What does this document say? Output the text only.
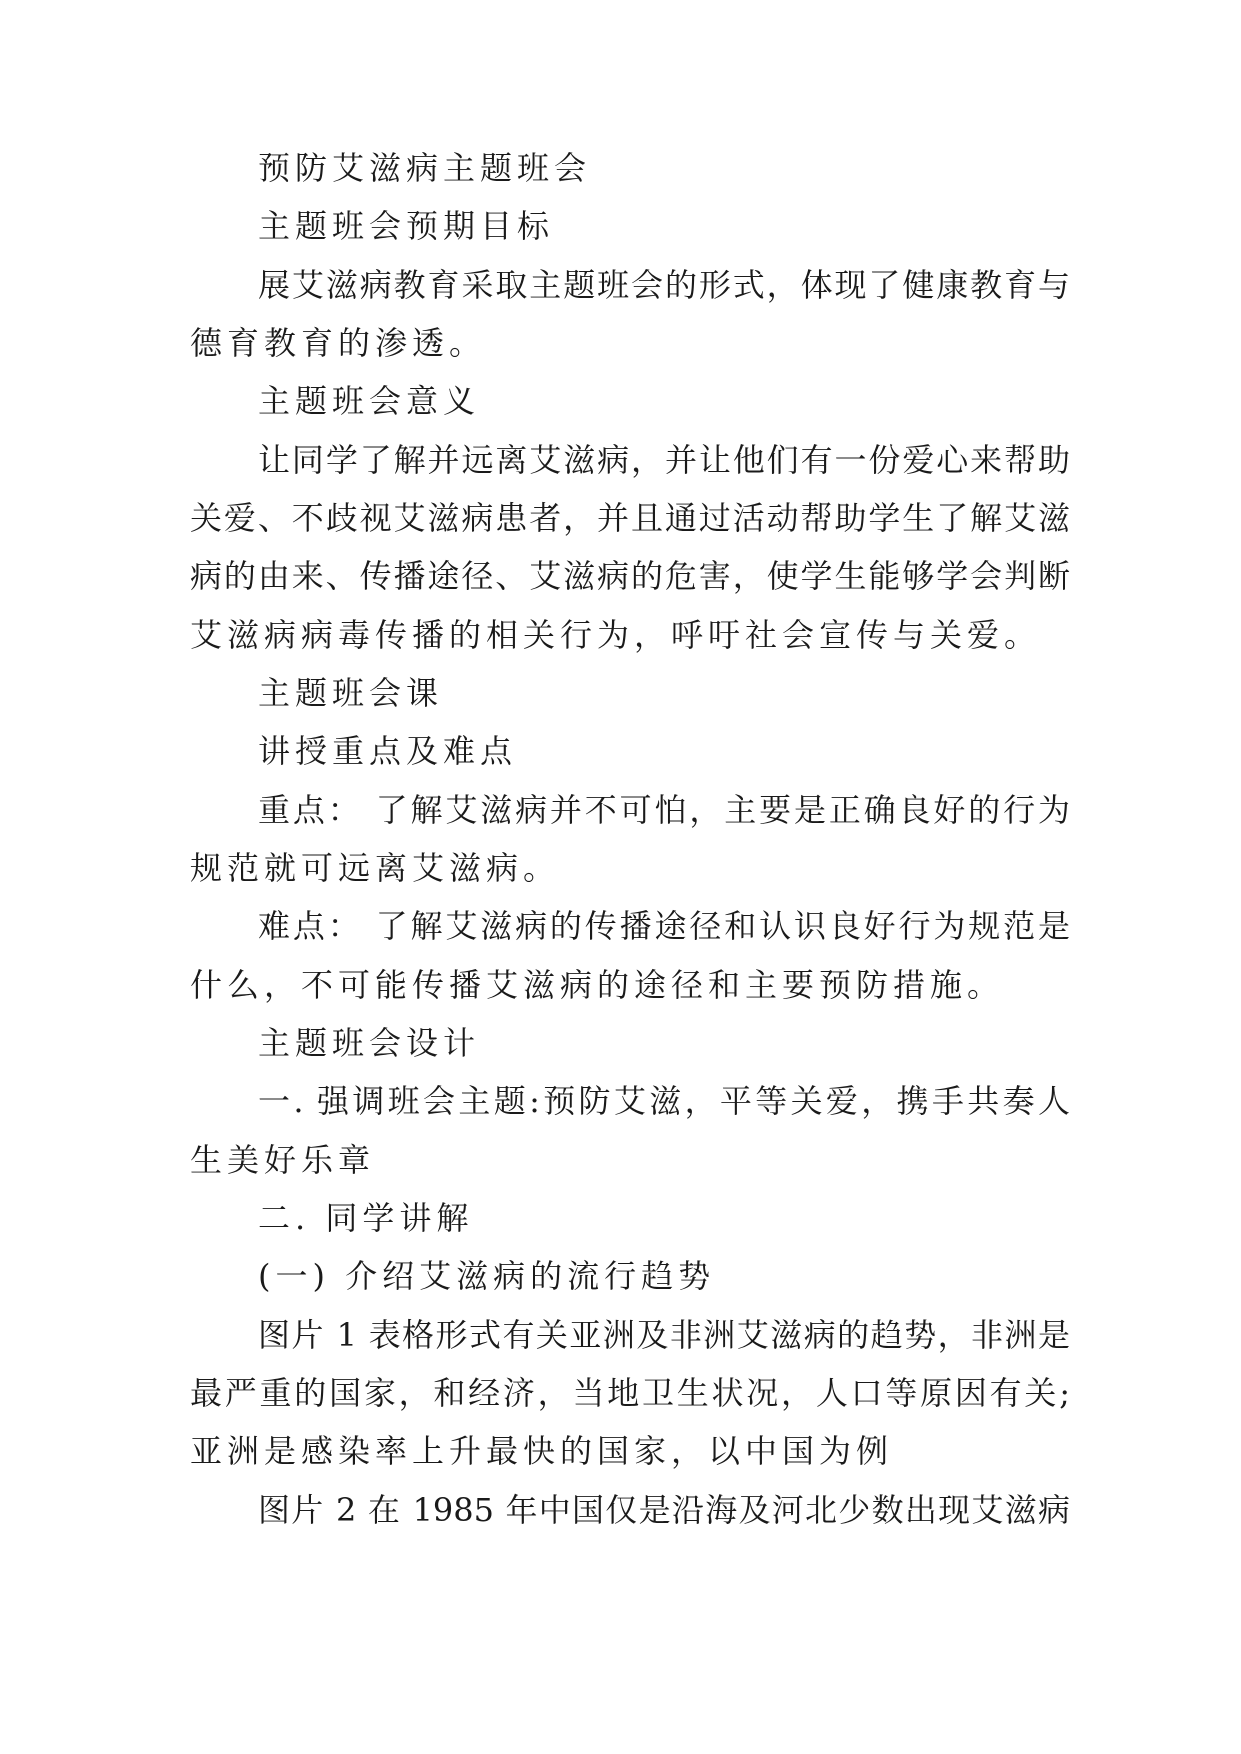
预防艾滋病主题班会
主题班会预期目标
展艾滋病教育采取主题班会的形式，体现了健康教育与
德育教育的渗透。
主题班会意义
让同学了解并远离艾滋病，并让他们有一份爱心来帮助
关爱、不歧视艾滋病患者，并且通过活动帮助学生了解艾滋
病的由来、传播途径、艾滋病的危害，使学生能够学会判断
艾滋病病毒传播的相关行为，呼吁社会宣传与关爱。
主题班会课
讲授重点及难点
重点： 了解艾滋病并不可怕，主要是正确良好的行为
规范就可远离艾滋病。
难点： 了解艾滋病的传播途径和认识良好行为规范是
什么，不可能传播艾滋病的途径和主要预防措施。
主题班会设计
一. 强调班会主题:预防艾滋，平等关爱，携手共奏人
生美好乐章
二. 同学讲解
(一) 介绍艾滋病的流行趋势
图片 1 表格形式有关亚洲及非洲艾滋病的趋势，非洲是
最严重的国家，和经济，当地卫生状况，人口等原因有关;
亚洲是感染率上升最快的国家，以中国为例
图片 2 在 1985 年中国仅是沿海及河北少数出现艾滋病
